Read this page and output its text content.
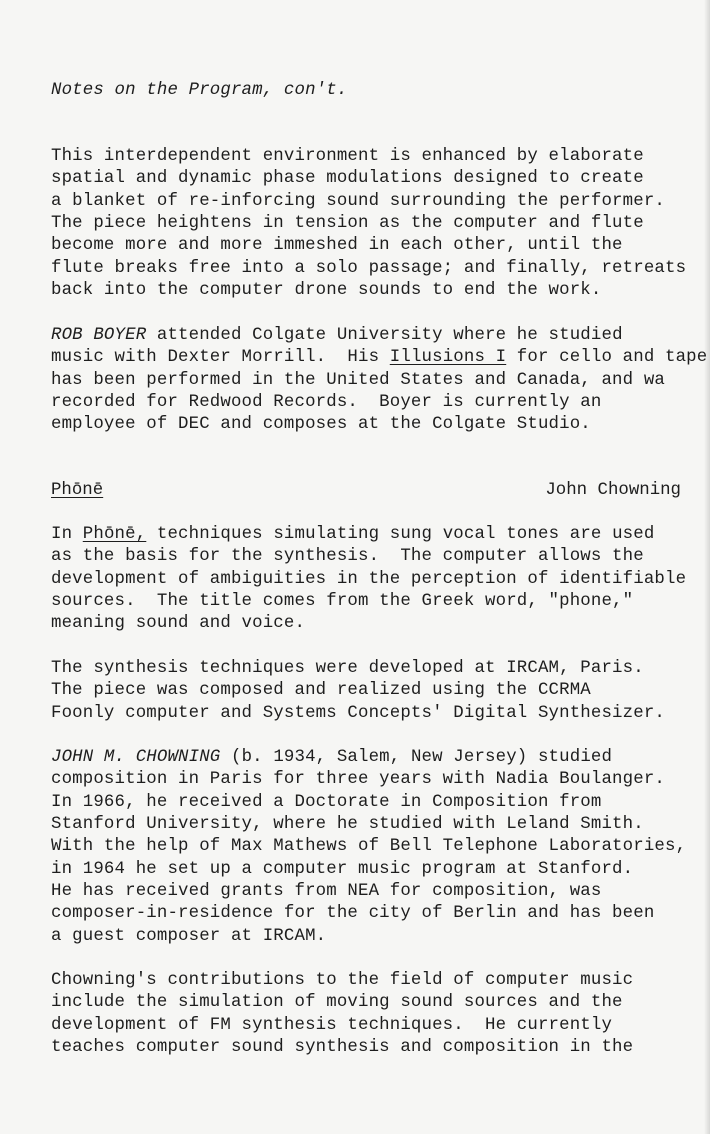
Notes on the Program, con't.
This interdependent environment is enhanced by elaborate
spatial and dynamic phase modulations designed to create
a blanket of re-inforcing sound surrounding the performer.
The piece heightens in tension as the computer and flute
become more and more immeshed in each other, until the
flute breaks free into a solo passage; and finally, retreats
back into the computer drone sounds to end the work.
ROB BOYER attended Colgate University where he studied
music with Dexter Morrill.  His Illusions I for cello and tape
has been performed in the United States and Canada, and wa
recorded for Redwood Records.  Boyer is currently an
employee of DEC and composes at the Colgate Studio.
Phōnē	John Chowning
In Phōnē, techniques simulating sung vocal tones are used
as the basis for the synthesis.  The computer allows the
development of ambiguities in the perception of identifiable
sources.  The title comes from the Greek word, "phone,"
meaning sound and voice.
The synthesis techniques were developed at IRCAM, Paris.
The piece was composed and realized using the CCRMA
Foonly computer and Systems Concepts' Digital Synthesizer.
JOHN M. CHOWNING (b. 1934, Salem, New Jersey) studied
composition in Paris for three years with Nadia Boulanger.
In 1966, he received a Doctorate in Composition from
Stanford University, where he studied with Leland Smith.
With the help of Max Mathews of Bell Telephone Laboratories,
in 1964 he set up a computer music program at Stanford.
He has received grants from NEA for composition, was
composer-in-residence for the city of Berlin and has been
a guest composer at IRCAM.
Chowning's contributions to the field of computer music
include the simulation of moving sound sources and the
development of FM synthesis techniques.  He currently
teaches computer sound synthesis and composition in the
